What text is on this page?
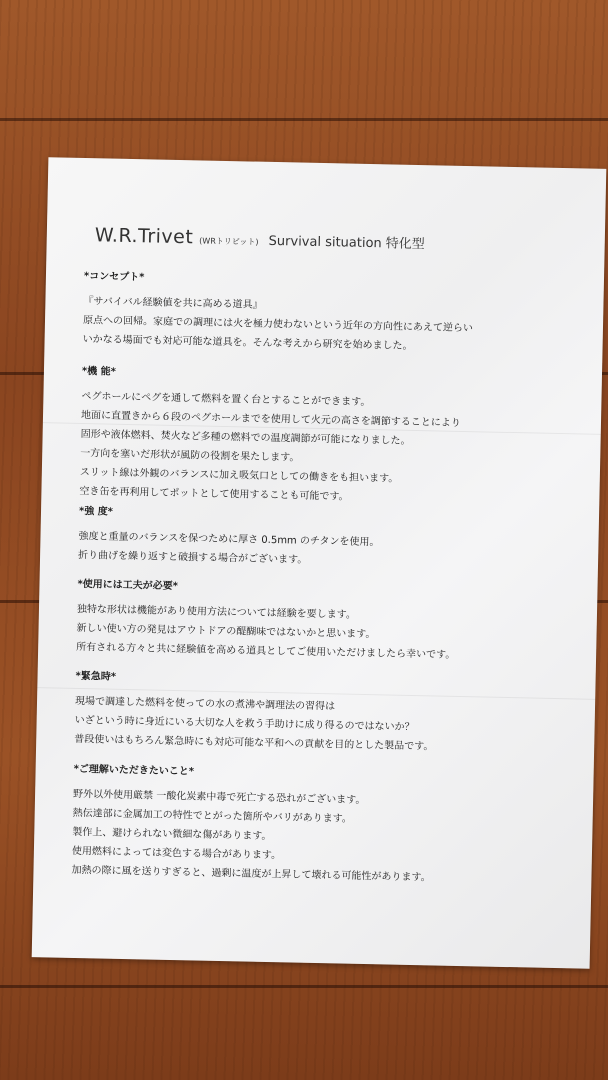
W.R.Trivet (WRトリビット) Survival situation 特化型
*コンセプト*
『サバイバル経験値を共に高める道具』
原点への回帰。家庭での調理には火を極力使わないという近年の方向性にあえて逆らい
いかなる場面でも対応可能な道具を。そんな考えから研究を始めました。
*機 能*
ペグホールにペグを通して燃料を置く台とすることができます。
地面に直置きから６段のペグホールまでを使用して火元の高さを調節することにより
固形や液体燃料、焚火など多種の燃料での温度調節が可能になりました。
一方向を塞いだ形状が風防の役割を果たします。
スリット線は外観のバランスに加え吸気口としての働きをも担います。
空き缶を再利用してポットとして使用することも可能です。
*強 度*
強度と重量のバランスを保つために厚さ 0.5mm のチタンを使用。
折り曲げを繰り返すと破損する場合がございます。
*使用には工夫が必要*
独特な形状は機能があり使用方法については経験を要します。
新しい使い方の発見はアウトドアの醍醐味ではないかと思います。
所有される方々と共に経験値を高める道具としてご使用いただけましたら幸いです。
*緊急時*
現場で調達した燃料を使っての水の煮沸や調理法の習得は
いざという時に身近にいる大切な人を救う手助けに成り得るのではないか？
普段使いはもちろん緊急時にも対応可能な平和への貢献を目的とした製品です。
*ご理解いただきたいこと*
野外以外使用厳禁 一酸化炭素中毒で死亡する恐れがございます。
熱伝達部に金属加工の特性でとがった箇所やバリがあります。
製作上、避けられない微細な傷があります。
使用燃料によっては変色する場合があります。
加熱の際に風を送りすぎると、過剰に温度が上昇して壊れる可能性があります。
